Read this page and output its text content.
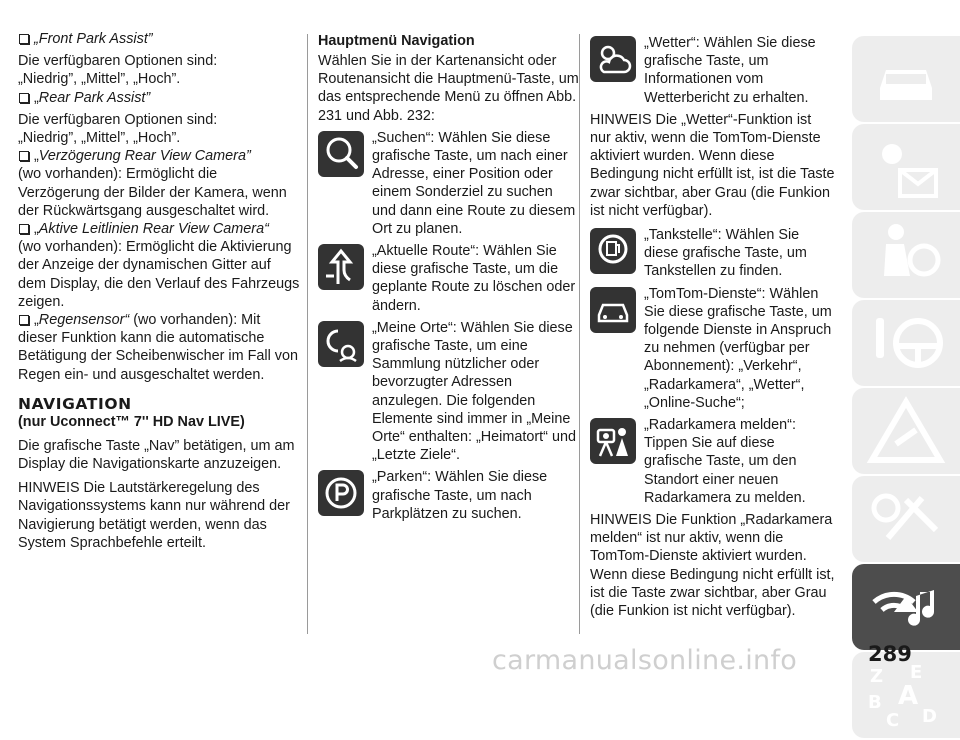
„Front Park Assist”

Die verfügbaren Optionen sind:

„Niedrig”, „Mittel”, „Hoch”.

„ Rear Park Assist”

Die verfügbaren Optionen sind:

„Niedrig”, „Mittel”, „Hoch”.

„ Verzögerung Rear View Camera”

(wo vorhanden): Ermöglicht die Verzögerung der Bilder der Kamera, wenn der Rückwärtsgang ausgeschaltet wird.

„ Aktive Leitlinien Rear View Camera“

(wo vorhanden): Ermöglicht die Aktivierung der Anzeige der dynamischen Gitter auf dem Display, die den Verlauf des Fahrzeugs zeigen.

„Regensensor“ (wo vorhanden): Mit

dieser Funktion kann die automatische Betätigung der Scheibenwischer im Fall von Regen ein- und ausgeschaltet werden.

NAVIGATION
(nur Uconnect™ 7'' HD Nav LIVE)

Die grafische Taste „Nav” betätigen, um am Display die Navigationskarte anzuzeigen.

HINWEIS Die Lautstärkeregelung des Navigationssystems kann nur während der Navigierung betätigt werden, wenn das System Sprachbefehle erteilt.

Hauptmenü Navigation

Wählen Sie in der Kartenansicht oder Routenansicht die Hauptmenü-Taste, um das entsprechende Menü zu öffnen Abb. 231 und Abb. 232:

„Suchen“: Wählen Sie diese grafische Taste, um nach einer Adresse, einer Position oder einem Sonderziel zu suchen und dann eine Route zu diesem Ort zu planen.
„Aktuelle Route“: Wählen Sie diese grafische Taste, um die geplante Route zu löschen oder ändern.
„Meine Orte“: Wählen Sie diese grafische Taste, um eine Sammlung nützlicher oder bevorzugter Adressen anzulegen. Die folgenden Elemente sind immer in „Meine Orte“ enthalten: „Heimatort“ und „Letzte Ziele“.
„Parken“: Wählen Sie diese grafische Taste, um nach Parkplätzen zu suchen.
„Wetter“: Wählen Sie diese grafische Taste, um Informationen vom Wetterbericht zu erhalten.

HINWEIS Die „Wetter“-Funktion ist nur aktiv, wenn die TomTom-Dienste aktiviert wurden. Wenn diese Bedingung nicht erfüllt ist, ist die Taste zwar sichtbar, aber Grau (die Funkion ist nicht verfügbar).

„Tankstelle“: Wählen Sie diese grafische Taste, um Tankstellen zu finden.
„TomTom-Dienste“: Wählen Sie diese grafische Taste, um folgende Dienste in Anspruch zu nehmen (verfügbar per Abonnement): „Verkehr“, „Radarkamera“, „Wetter“, „Online-Suche“;
„Radarkamera melden“: Tippen Sie auf diese grafische Taste, um den Standort einer neuen Radarkamera zu melden.

HINWEIS Die Funktion „Radarkamera melden“ ist nur aktiv, wenn die TomTom-Dienste aktiviert wurden. Wenn diese Bedingung nicht erfüllt ist, ist die Taste zwar sichtbar, aber Grau (die Funkion ist nicht verfügbar).

Z E
B A
C D
289
carmanualsonline.info
